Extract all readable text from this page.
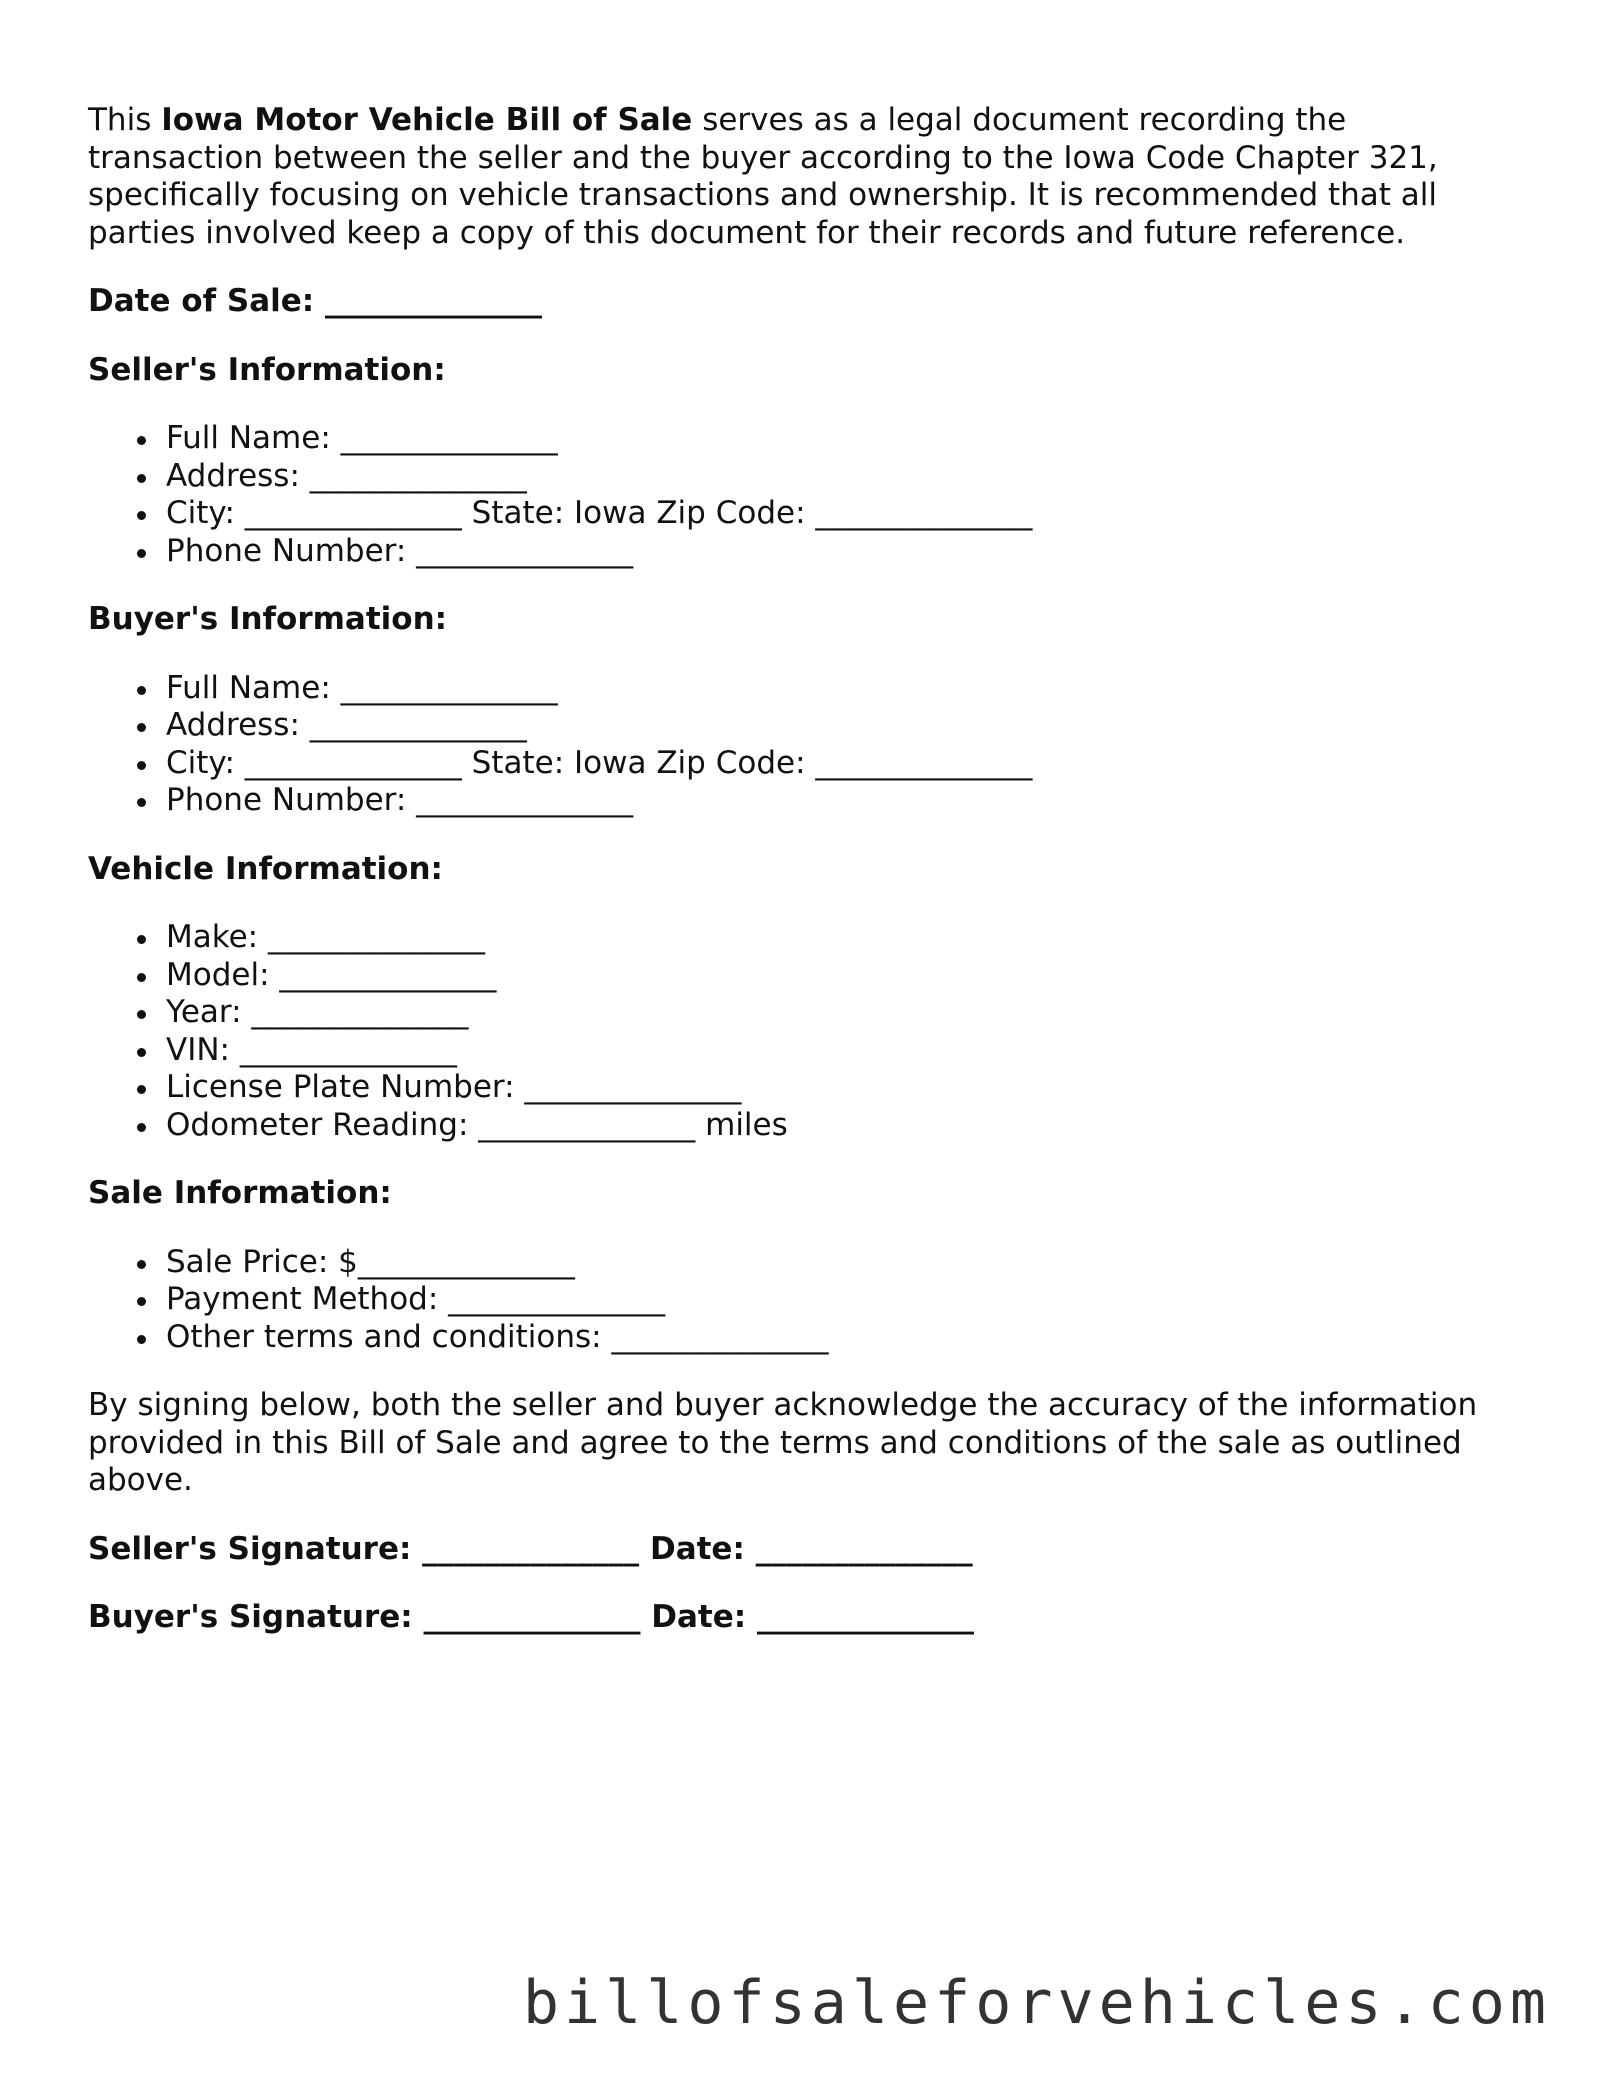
This Iowa Motor Vehicle Bill of Sale serves as a legal document recording the transaction between the seller and the buyer according to the Iowa Code Chapter 321, specifically focusing on vehicle transactions and ownership. It is recommended that all parties involved keep a copy of this document for their records and future reference.

Date of Sale: ______________

Seller's Information:

Full Name: ______________
Address: ______________
City: ______________ State: Iowa Zip Code: ______________
Phone Number: ______________

Buyer's Information:

Full Name: ______________
Address: ______________
City: ______________ State: Iowa Zip Code: ______________
Phone Number: ______________

Vehicle Information:

Make: ______________
Model: ______________
Year: ______________
VIN: ______________
License Plate Number: ______________
Odometer Reading: ______________ miles

Sale Information:

Sale Price: $______________
Payment Method: ______________
Other terms and conditions: ______________

By signing below, both the seller and buyer acknowledge the accuracy of the information provided in this Bill of Sale and agree to the terms and conditions of the sale as outlined above.

Seller's Signature: ______________ Date: ______________

Buyer's Signature: ______________ Date: ______________

billofsaleforvehicles.com
